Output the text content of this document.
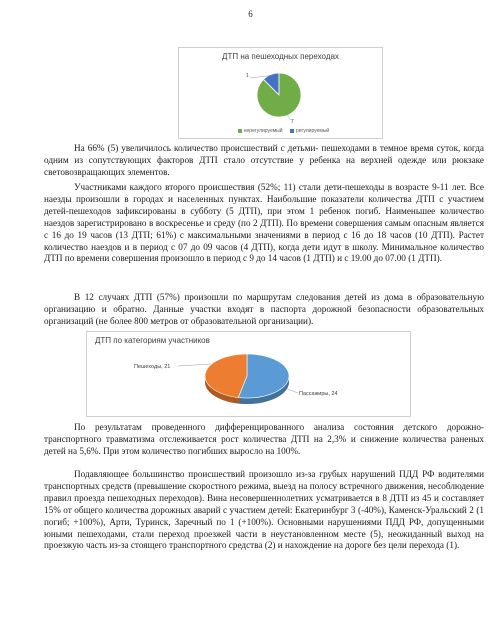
6
ДТП на пешеходных переходах
1
7
нерегулируемый	регулируемый

На 66% (5) увеличилось количество происшествий с детьми- пешеходами в темное время суток, когда одним из сопутствующих факторов ДТП стало отсутствие у ребенка на верхней одежде или рюкзаке световозвращающих элементов.

Участниками каждого второго происшествия (52%; 11) стали дети-пешеходы в возрасте 9-11 лет. Все наезды произошли в городах и населенных пунктах. Наибольшие показатели количества ДТП с участием детей-пешеходов зафиксированы в субботу (5 ДТП), при этом 1 ребенок погиб. Наименьшее количество наездов зарегистрировано в воскресенье и среду (по 2 ДТП). По времени совершения самым опасным является с 16 до 19 часов (13 ДТП; 61%) с максимальными значениями в период с 16 до 18 часов (10 ДТП). Растет количество наездов и в период с 07 до 09 часов (4 ДТП), когда дети идут в школу. Минимальное количество ДТП по времени совершения произошло в период с 9 до 14 часов (1 ДТП) и с 19.00 до 07.00 (1 ДТП).

В 12 случаях ДТП (57%) произошли по маршрутам следования детей из дома в образовательную организацию и обратно. Данные участки входят в паспорта дорожной безопасности образовательных организаций (не более 800 метров от образовательной организации).

ДТП по категориям участников
Пассажиры, 24
Пешеходы, 21

По результатам проведенного дифференцированного анализа состояния детского дорожно-транспортного травматизма отслеживается рост количества ДТП на 2,3% и снижение количества раненых детей на 5,6%. При этом количество погибших выросло на 100%.

Подавляющее большинство происшествий произошло из-за грубых нарушений ПДД РФ водителями транспортных средств (превышение скоростного режима, выезд на полосу встречного движения, несоблюдение правил проезда пешеходных переходов). Вина несовершеннолетних усматривается в 8 ДТП из 45 и составляет 15% от общего количества дорожных аварий с участием детей: Екатеринбург 3 (-40%), Каменск-Уральский 2 (1 погиб; +100%), Арти, Туринск, Заречный по 1 (+100%). Основными нарушениями ПДД РФ, допущенными юными пешеходами, стали переход проезжей части в неустановленном месте (5), неожиданный выход на проезжую часть из-за стоящего транспортного средства (2) и нахождение на дороге без цели перехода (1).
